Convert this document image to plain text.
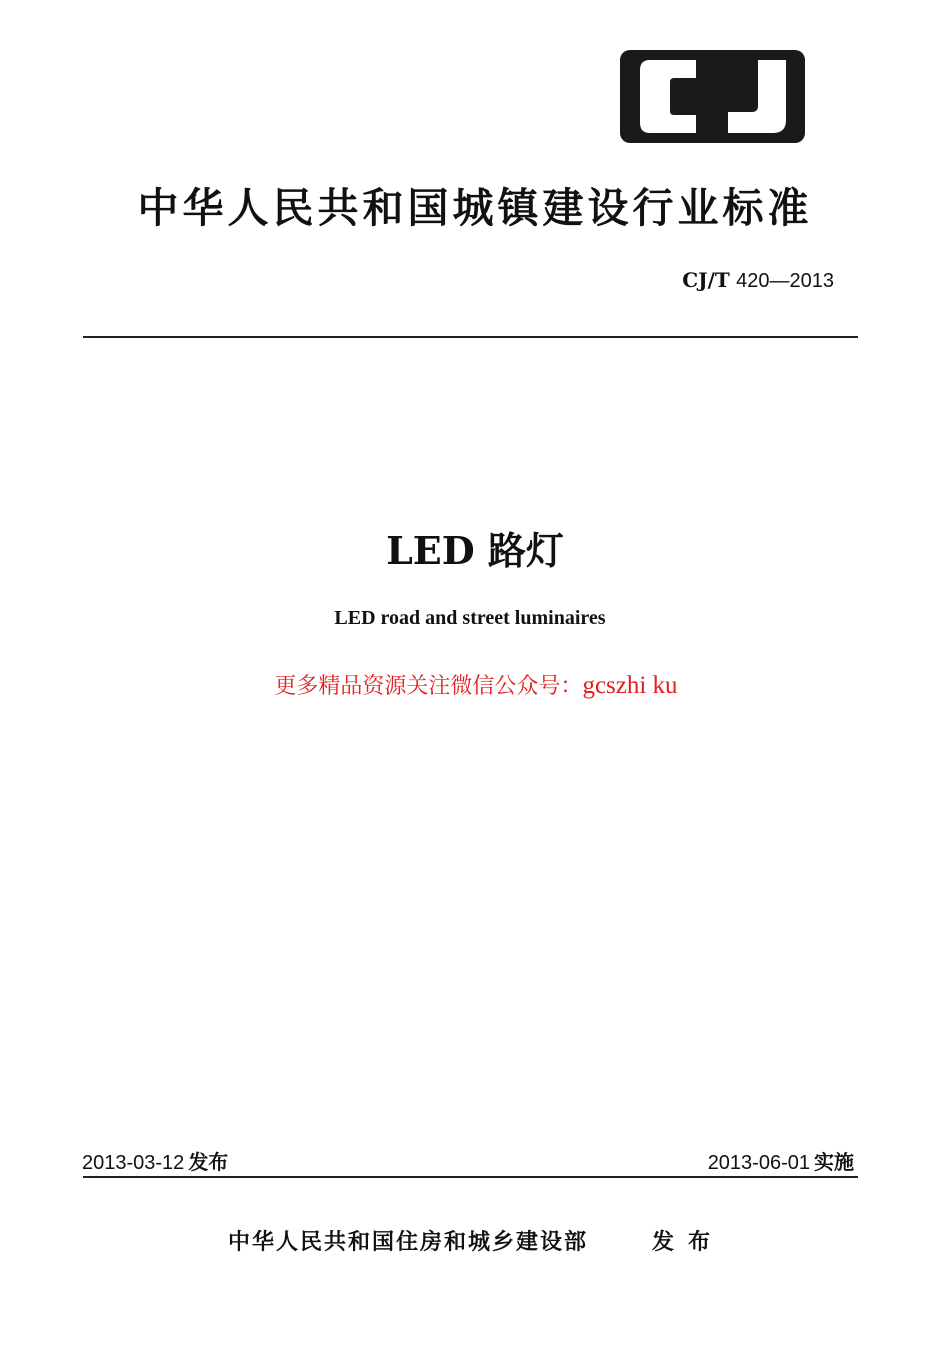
中华人民共和国城镇建设行业标准
CJ/T 420—2013
LED 路灯
LED road and street luminaires
更多精品资源关注微信公众号：gcszhi ku
2013-03-12 发布	2013-06-01 实施
中华人民共和国住房和城乡建设部	发布
